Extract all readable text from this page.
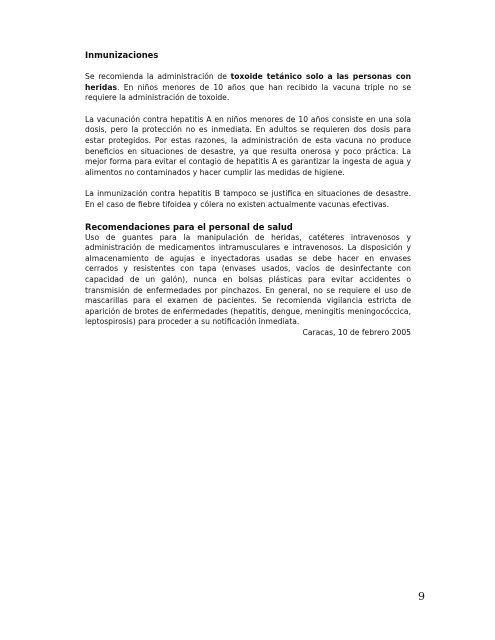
Inmunizaciones

Se recomienda la administración de toxoide tetánico solo a las personas con heridas. En niños menores de 10 años que han recibido la vacuna triple no se requiere la administración de toxoide.

La vacunación contra hepatitis A en niños menores de 10 años consiste en una sola dosis, pero la protección no es inmediata. En adultos se requieren dos dosis para estar protegidos. Por estas razones, la administración de esta vacuna no produce beneficios en situaciones de desastre, ya que resulta onerosa y poco práctica. La mejor forma para evitar el contagio de hepatitis A es garantizar la ingesta de agua y alimentos no contaminados y hacer cumplir las medidas de higiene.

La inmunización contra hepatitis B tampoco se justifica en situaciones de desastre. En el caso de fiebre tifoidea y cólera no existen actualmente vacunas efectivas.

Recomendaciones para el personal de salud

Uso de guantes para la manipulación de heridas, catéteres intravenosos y administración de medicamentos intramusculares e intravenosos. La disposición y almacenamiento de agujas e inyectadoras usadas se debe hacer en envases cerrados y resistentes con tapa (envases usados, vacíos de desinfectante con capacidad de un galón), nunca en bolsas plásticas para evitar accidentes o transmisión de enfermedades por pinchazos. En general, no se requiere el uso de mascarillas para el examen de pacientes. Se recomienda vigilancia estricta de aparición de brotes de enfermedades (hepatitis, dengue, meningitis meningocóccica, leptospirosis) para proceder a su notificación inmediata.

Caracas, 10 de febrero 2005
9
